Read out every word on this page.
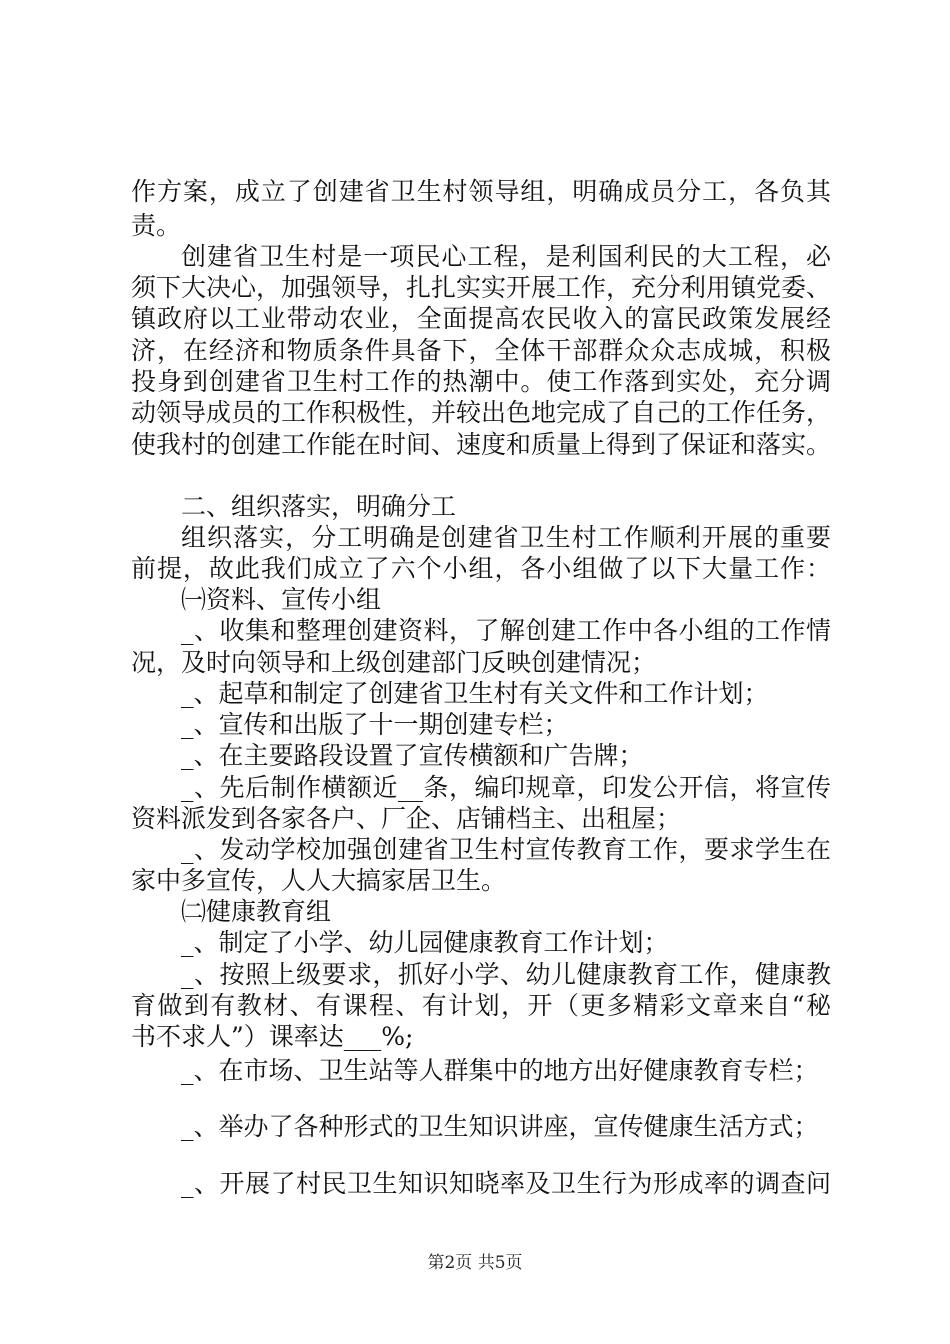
作方案，成立了创建省卫生村领导组，明确成员分工，各负其
责。
创建省卫生村是一项民心工程，是利国利民的大工程，必
须下大决心，加强领导，扎扎实实开展工作，充分利用镇党委、
镇政府以工业带动农业，全面提高农民收入的富民政策发展经
济，在经济和物质条件具备下，全体干部群众众志成城，积极
投身到创建省卫生村工作的热潮中。使工作落到实处，充分调
动领导成员的工作积极性，并较出色地完成了自己的工作任务，
使我村的创建工作能在时间、速度和质量上得到了保证和落实。
二、组织落实，明确分工
组织落实，分工明确是创建省卫生村工作顺利开展的重要
前提，故此我们成立了六个小组，各小组做了以下大量工作：
㈠资料、宣传小组
_、收集和整理创建资料，了解创建工作中各小组的工作情
况，及时向领导和上级创建部门反映创建情况；
_、起草和制定了创建省卫生村有关文件和工作计划；
_、宣传和出版了十一期创建专栏；
_、在主要路段设置了宣传横额和广告牌；
_、先后制作横额近__条，编印规章，印发公开信，将宣传
资料派发到各家各户、厂企、店铺档主、出租屋；
_、发动学校加强创建省卫生村宣传教育工作，要求学生在
家中多宣传，人人大搞家居卫生。
㈡健康教育组
_、制定了小学、幼儿园健康教育工作计划；
_、按照上级要求，抓好小学、幼儿健康教育工作，健康教
育做到有教材、有课程、有计划，开（更多精彩文章来自“秘
书不求人”）课率达___%;
_、在市场、卫生站等人群集中的地方出好健康教育专栏；
_、举办了各种形式的卫生知识讲座，宣传健康生活方式；
_、开展了村民卫生知识知晓率及卫生行为形成率的调查问
第2页 共5页
